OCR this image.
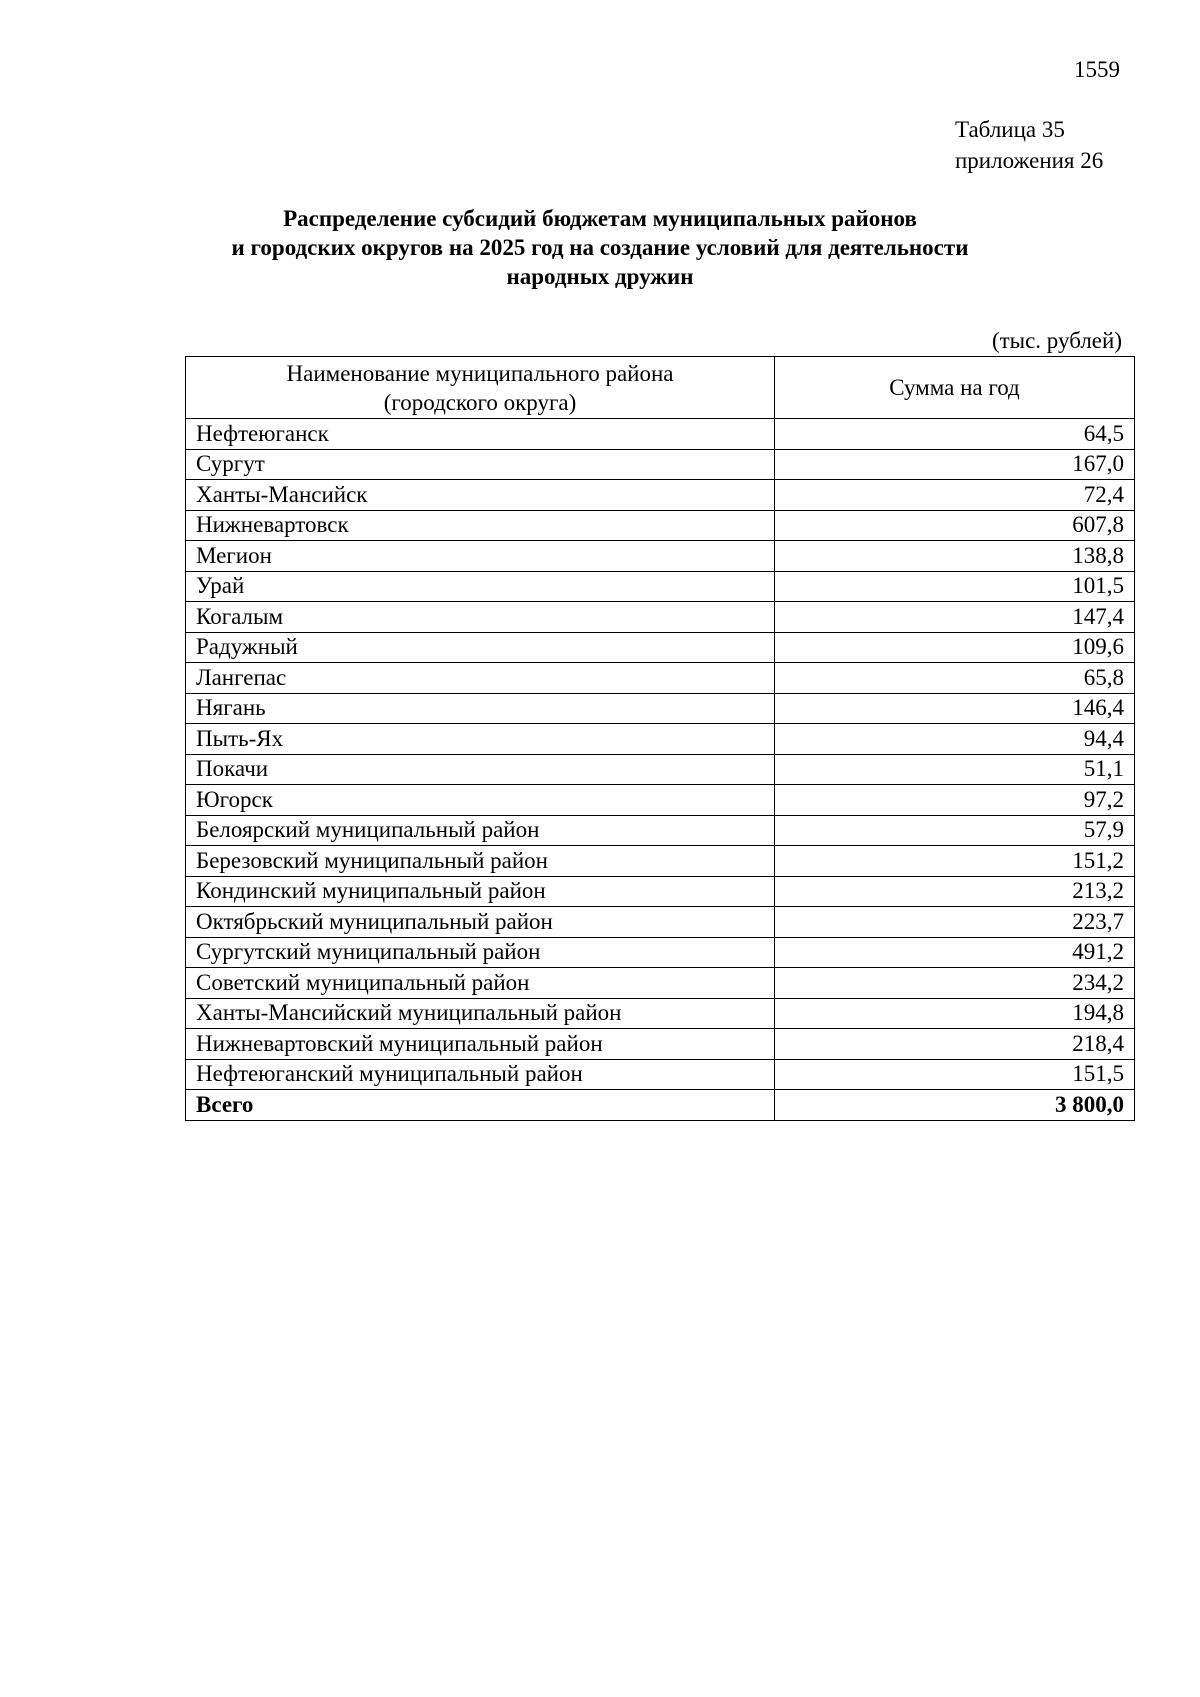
1559
Таблица 35
приложения 26
Распределение субсидий бюджетам муниципальных районов
и городских округов на 2025 год на создание условий для деятельности
народных дружин
(тыс. рублей)
Наименование муниципального района
(городского округа)	Сумма на год
Нефтеюганск	64,5
Сургут	167,0
Ханты-Мансийск	72,4
Нижневартовск	607,8
Мегион	138,8
Урай	101,5
Когалым	147,4
Радужный	109,6
Лангепас	65,8
Нягань	146,4
Пыть-Ях	94,4
Покачи	51,1
Югорск	97,2
Белоярский муниципальный район	57,9
Березовский муниципальный район	151,2
Кондинский муниципальный район	213,2
Октябрьский муниципальный район	223,7
Сургутский муниципальный район	491,2
Советский муниципальный район	234,2
Ханты-Мансийский муниципальный район	194,8
Нижневартовский муниципальный район	218,4
Нефтеюганский муниципальный район	151,5
Всего	3 800,0
